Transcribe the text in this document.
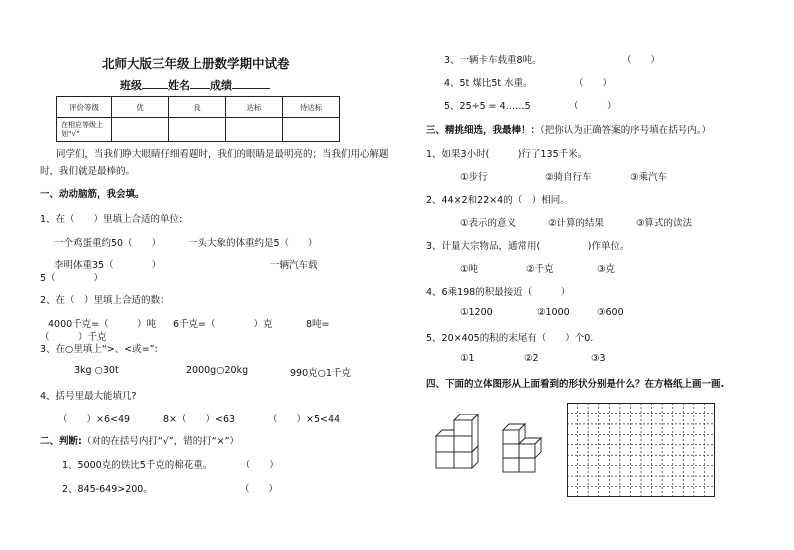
北师大版三年级上册数学期中试卷
班级 姓名 成绩
评价等级	优	良	达标	待达标
在相应等级上划“√”				
同学们，当我们睁大眼睛仔细看题时，我们的眼睛是最明亮的；当我们用心解题
时，我们就是最棒的。
一、动动脑筋，我会填。
1、在（　　）里填上合适的单位:
一个鸡蛋重约50（　　）	一头大象的体重约是5（　　）
李明体重35（　　　　）	一辆汽车载
5（　　　　）
2、在（　）里填上合适的数：
4000千克=（　　　）吨 6千克=（　　　　）克	8吨=
（　　　）千克
3、在○里填上“>、<或=”:
3kg ○30t	2000g○20kg	990克○1千克
4、括号里最大能填几?
（　　）×6<49	8×（　　）<63	（　　）×5<44
二、判断:（对的在括号内打“√”，错的打“×”）
1、5000克的铁比5千克的棉花重。　　　　（　　）
2、845-649>200。	（　　）
3、一辆卡车载重8吨。	（　　）
4、5t 煤比5t 水重。	（　　）
5、25÷5 = 4……5	（　　　）
三、精挑细选，我最棒！：（把你认为正确答案的序号填在括号内。）
1、如果3小时(　　　)行了135千米。
①步行	②骑自行车	③乘汽车
2、44×2和22×4的（　）相同。
①表示的意义	②计算的结果	③算式的读法
3、计量大宗物品，通常用(　　　　　)作单位。
①吨	②千克	③克
4、6乘198的积最接近（　　　）
①1200	②1000	③600
5、20×405的积的末尾有（　　）个0.
①1	②2	③3
四、下面的立体图形从上面看到的形状分别是什么？在方格纸上画一画.
